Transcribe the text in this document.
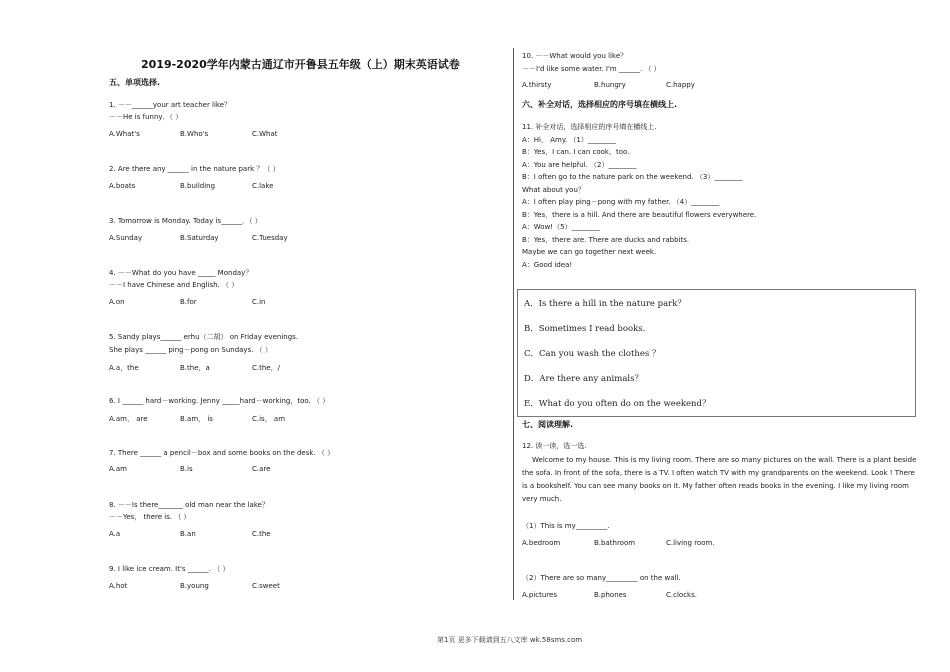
2019-2020学年内蒙古通辽市开鲁县五年级（上）期末英语试卷
五、单项选择.
1. －－______your art teacher like？
－－He is funny．（ ）
A.What's	B.Who's	C.What
2. Are there any ______ in the nature park ？（ ）
A.boats	B.building	C.lake
3. Tomorrow is Monday. Today is______．（ ）
A.Sunday	B.Saturday	C.Tuesday
4. －－What do you have _____ Monday？
－－I have Chinese and English. （ ）
A.on	B.for	C.in
5. Sandy plays______ erhu（二胡） on Friday evenings.
She plays ______ ping－pong on Sundays. （ ）
A.a，the	B.the，a	C.the，/
6. I ______ hard－working. Jenny _____hard－working，too. （ ）
A.am， are	B.am， is	C.is， am
7. There ______ a pencil－box and some books on the desk. （ ）
A.am	B.is	C.are
8. －－Is there_______ old man near the lake？
－－Yes， there is. （ ）
A.a	B.an	C.the
9. I like ice cream. It's ______. （ ）
A.hot	B.young	C.sweet
10. －－What would you like？
－－I'd like some water. I'm ______. （ ）
A.thirsty	B.hungry	C.happy
六、补全对话，选择相应的序号填在横线上.
11. 补全对话，选择相应的序号填在横线上.
A：Hi， Amy. （1）________
B：Yes，I can. I can cook，too.
A：You are helpful. （2）________
B：I often go to the nature park on the weekend. （3）________
What about you？
A：I often play ping－pong with my father. （4）________
B：Yes，there is a hill. And there are beautiful flowers everywhere.
A：Wow!（5）________
B：Yes，there are. There are ducks and rabbits.
Maybe we can go together next week.
A：Good idea!
A．Is there a hill in the nature park？
B．Sometimes I read books．
C．Can you wash the clothes ？
D．Are there any animals？
E．What do you often do on the weekend？
七、阅读理解.
12. 读一读，选一选.
Welcome to my house. This is my living room. There are so many pictures on the wall. There is a plant beside the sofa. In front of the sofa, there is a TV. I often watch TV with my grandparents on the weekend. Look ! There is a bookshelf. You can see many books on it. My father often reads books in the evening. I like my living room very much.
（1）This is my_________.
A.bedroom	B.bathroom	C.living room.
（2）There are so many_________ on the wall.
A.pictures	B.phones	C.clocks.
第1页 更多下载请到五八文库 wk.58sms.com
